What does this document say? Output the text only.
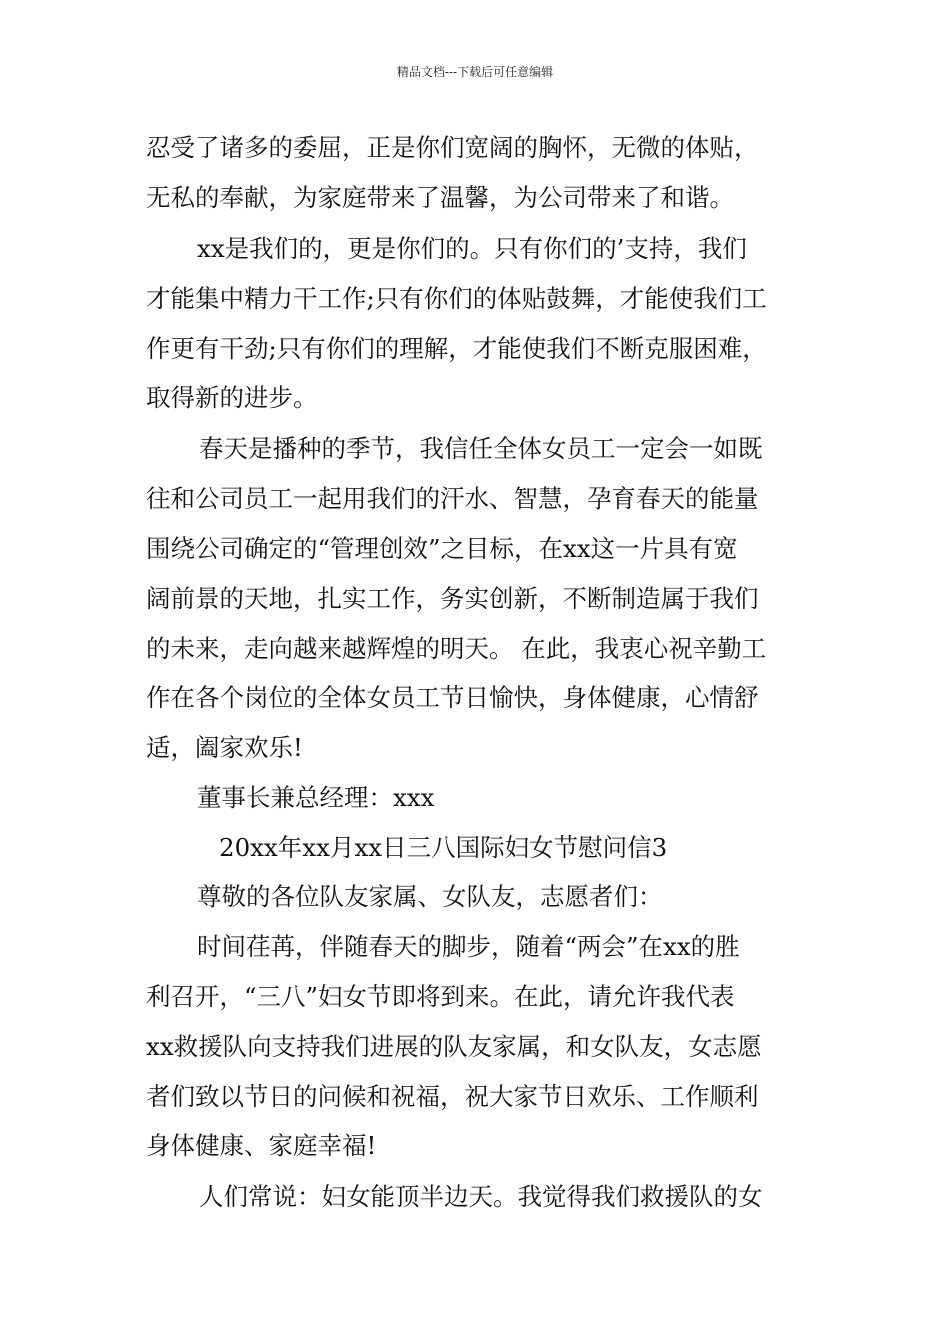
精品文档---下载后可任意编辑
忍受了诸多的委屈，正是你们宽阔的胸怀，无微的体贴，
无私的奉献，为家庭带来了温馨，为公司带来了和谐。
xx是我们的，更是你们的。只有你们的’支持，我们
才能集中精力干工作;只有你们的体贴鼓舞，才能使我们工
作更有干劲;只有你们的理解，才能使我们不断克服困难，
取得新的进步。
春天是播种的季节，我信任全体女员工一定会一如既
往和公司员工一起用我们的汗水、智慧，孕育春天的能量
围绕公司确定的“管理创效”之目标，在xx这一片具有宽
阔前景的天地，扎实工作，务实创新，不断制造属于我们
的未来，走向越来越辉煌的明天。 在此，我衷心祝辛勤工
作在各个岗位的全体女员工节日愉快，身体健康，心情舒
适，阖家欢乐!
董事长兼总经理：xxx
20xx年xx月xx日三八国际妇女节慰问信3
尊敬的各位队友家属、女队友，志愿者们：
时间荏苒，伴随春天的脚步，随着“两会”在xx的胜
利召开，“三八”妇女节即将到来。在此，请允许我代表
xx救援队向支持我们进展的队友家属，和女队友，女志愿
者们致以节日的问候和祝福，祝大家节日欢乐、工作顺利
身体健康、家庭幸福!
人们常说：妇女能顶半边天。我觉得我们救援队的女
